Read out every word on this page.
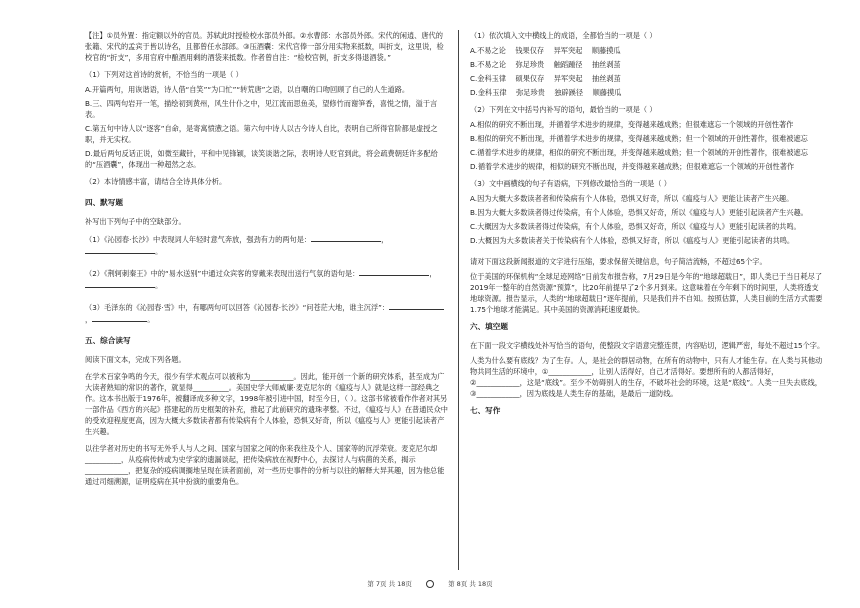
【注】①员外置：指定额以外的官员。苏轼此时授检校水部员外郎。②水曹郎：水部员外郎。宋代的闲逍、唐代的张籍、宋代的孟宾于皆以诗名，且都曾任水部郎。③压酒囊：宋代官俸一部分用实物来抵数，叫折支，这里说，检校官的“折支”，多用官府中酿酒用剩的酒袋来抵数。作者曾自注：“检校官例，折支多得退酒袋。”

（1）下列对这首诗的赏析，不恰当的一项是（ ）

A.开篇两句，用诙谐语，诗人借“自笑”“为口忙”“转荒唐”之语，以自嘲的口吻回顾了自己的人生道路。

B.三、四两句岩开一笔，描绘初到黄州，风生什仆之中，见江流而思鱼美，望修竹而谢笋香，喜悦之情，溢于言表。

C.第五句中诗人以“逐客”自命，是寄寓愤懑之语。第六句中诗人以古今诗人自比，表明自己所得官阶都是虚授之职，并无实权。

D.最后两句反话正说，如微至藏针，平和中见锋颖，谈笑谈谐之际，表明诗人贬官到此，将会疏费朝廷许多配给的“压酒囊”，体现出一种超然之态。

（2）本诗情感丰富，请结合全诗具体分析。

四、默写题

补写出下列句子中的空缺部分。

（1）《沁园春·长沙》中表现词人年轻时意气奔放，强劲有力的两句是：	，。

（2）《荆轲刺秦王》中的“易水送别”中通过众宾客的穿戴来表现出送行气氛的语句是：	，。

（3）毛泽东的《沁园春·雪》中，有哪两句可以回答《沁园春·长沙》“问苍茫大地，谁主沉浮”：，	。

五、综合读写

阅读下面文本，完成下列各题。

在学术百家争鸣的今天，很少有学术观点可以被称为____________。因此，能开创一个新的研究体系，甚至成为广大读者熟知的常识的著作，就显得__________。美国史学大师威廉·麦克尼尔的《瘟疫与人》就是这样一部经典之作。这本书出版于1976年，被翻译成多种文字，1998年被引进中国，时至今日，（ ）。这部书常被看作作者对其另一部作品《西方的兴起》搭建起的历史框架的补充，推起了此前研究的遗珠孝整。不过，《瘟疫与人》在普通民众中的受欢迎程度更高，因为大概大多数读者都有传染病有个人体验，恐惧又好奇，所以《瘟疫与人》更能引起读者产生兴趣。

以往学者对历史的书写无外乎人与人之间、国家与国家之间的你来我往及个人、国家等的沉浮荣衰。麦克尼尔却__________，从疫病传转或为史学家的遗漏谈起，把传染病放在视野中心，去探讨人与病菌的关系，揭示____________，把复杂的疫病调搁地呈现在读者面前，对一些历史事件的分析与以往的解释大异其趣，因为他总能通过司细溯源，证明疫病在其中扮演的重要角色。

（1）依次填入文中横线上的成语，全都恰当的一项是（ ）

A.不易之论　 钱果仅存　 异军突起　 顺藤摸瓜
B.不易之论　 弥足珍贵　 触蹈踵径　 抽丝剥茧
C.金科玉律　 硕果仅存　 异军突起　 抽丝剥茧
D.金科玉律　 弥足珍贵　 独辟蹊径　 顺藤摸瓜

（2）下列在文中括号内补写的语句，最恰当的一项是（ ）

A.相似的研究不断出现，并循着学术进步的规律，变得越来越成熟；但很难遮忘一个领域的开创性著作

B.相似的研究不断出现，并循着学术进步的规律，变得越来越成熟；但一个领域的开创性著作，很难被遮忘

C.循着学术进步的规律，相似的研究不断出现，并变得越来越成熟；但一个领域的开创性著作，很难被遮忘

D.循着学术进步的规律，相似的研究不断出现，并变得越来越成熟；但很难遮忘一个领域的开创性著作

（3）文中画横线的句子有语病，下列修改最恰当的一项是（ ）

A.因为大概大多数读者者和传染病有个人体验，恐惧又好奇，所以《瘟疫与人》更能让读者产生兴趣。

B.因为大概大多数读者得过传染病，有个人体验，恐惧又好奇，所以《瘟疫与人》更能引起读者产生兴趣。

C.大概因为大多数读者得过传染病，有个人体验，恐惧又好奇，所以《瘟疫与人》更能引起读者的共鸣。

D.大概因为大多数读者关于传染病有个人体验，恐惧又好奇，所以《瘟疫与人》更能引起读者的共鸣。

请对下面这段新闻报道的文字进行压缩，要求保留关键信息，句子简洁流畅，不超过65个字。

位于美国的环保机构“全球足迹网络”日前发布报告称，7月29日是今年的“地球超载日”，即人类已于当日耗尽了2019年一整年的自然资源“预算”，比20年前提早了2个多月到来。这意味着在今年剩下的时间里，人类将透支地球资源。报告显示，人类的“地球超载日”逐年提前，只是我们并不自知。按照估算，人类目前的生活方式需要1.75个地球才能满足。其中美国的资源消耗速度最快。

六、填空题

在下面一段文字横线处补写恰当的语句，使整段文字语意完整连贯，内容贴切，逻辑严密，每处不超过15个字。

人类为什么要有底线？为了生存。人，是社会的群居动物，在所有的动物中，只有人才能生存。在人类与其他动物共同生活的环境中，①____________，让别人活得好，自己才活得好。要想所有的人都活得好，②____________，这是“底线”。至少不妨碍别人的生存，不破坏社会的环境，这是“底线”。人类一旦失去底线，③____________，因为底线是人类生存的基础，是最后一道防线。

七、写作

第 7页 共 18页	第 8页 共 18页
